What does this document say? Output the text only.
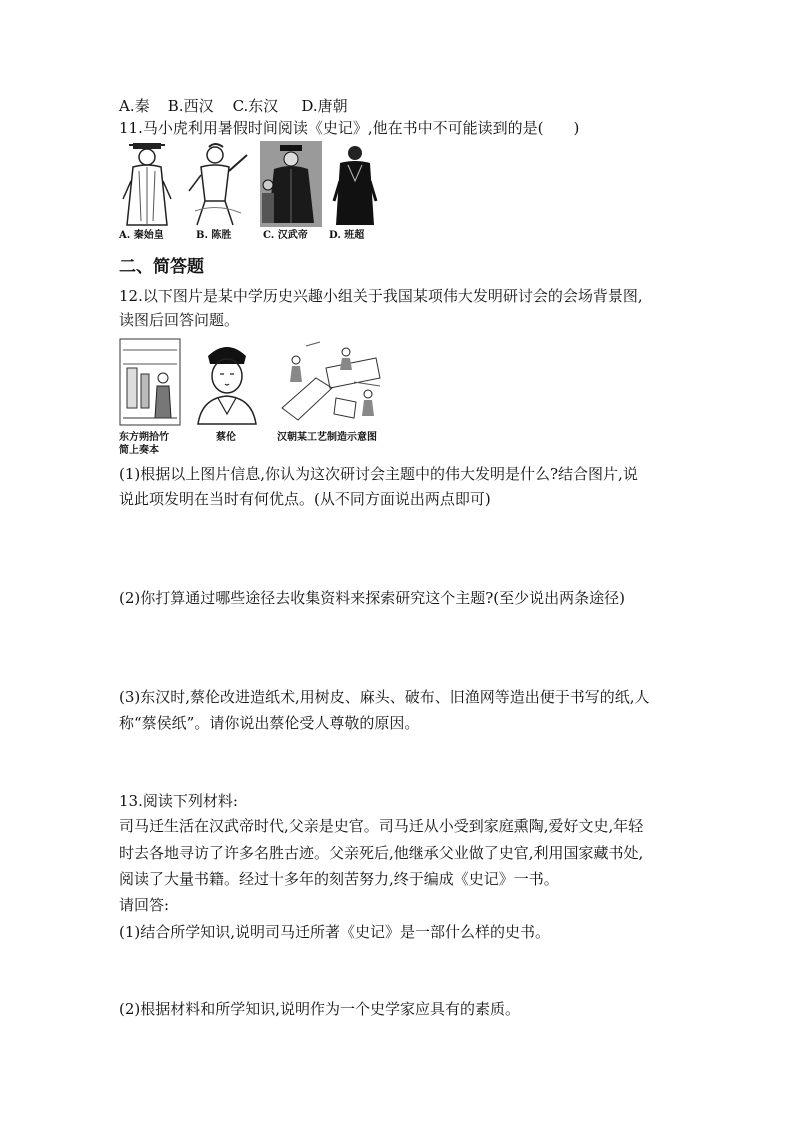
A.秦 B.西汉 C.东汉 D.唐朝
11.马小虎利用暑假时间阅读《史记》,他在书中不可能读到的是(　　)
A. 秦始皇	B. 陈胜	C. 汉武帝 D. 班超
二、简答题
12.以下图片是某中学历史兴趣小组关于我国某项伟大发明研讨会的会场背景图,
读图后回答问题。
东方朔拾竹
简上奏本
蔡伦	汉朝某工艺制造示意图
(1)根据以上图片信息,你认为这次研讨会主题中的伟大发明是什么?结合图片,说
说此项发明在当时有何优点。(从不同方面说出两点即可)
(2)你打算通过哪些途径去收集资料来探索研究这个主题?(至少说出两条途径)
(3)东汉时,蔡伦改进造纸术,用树皮、麻头、破布、旧渔网等造出便于书写的纸,人
称“蔡侯纸”。请你说出蔡伦受人尊敬的原因。
13.阅读下列材料:
司马迁生活在汉武帝时代,父亲是史官。司马迁从小受到家庭熏陶,爱好文史,年轻
时去各地寻访了许多名胜古迹。父亲死后,他继承父业做了史官,利用国家藏书处,
阅读了大量书籍。经过十多年的刻苦努力,终于编成《史记》一书。
请回答:
(1)结合所学知识,说明司马迁所著《史记》是一部什么样的史书。
(2)根据材料和所学知识,说明作为一个史学家应具有的素质。
